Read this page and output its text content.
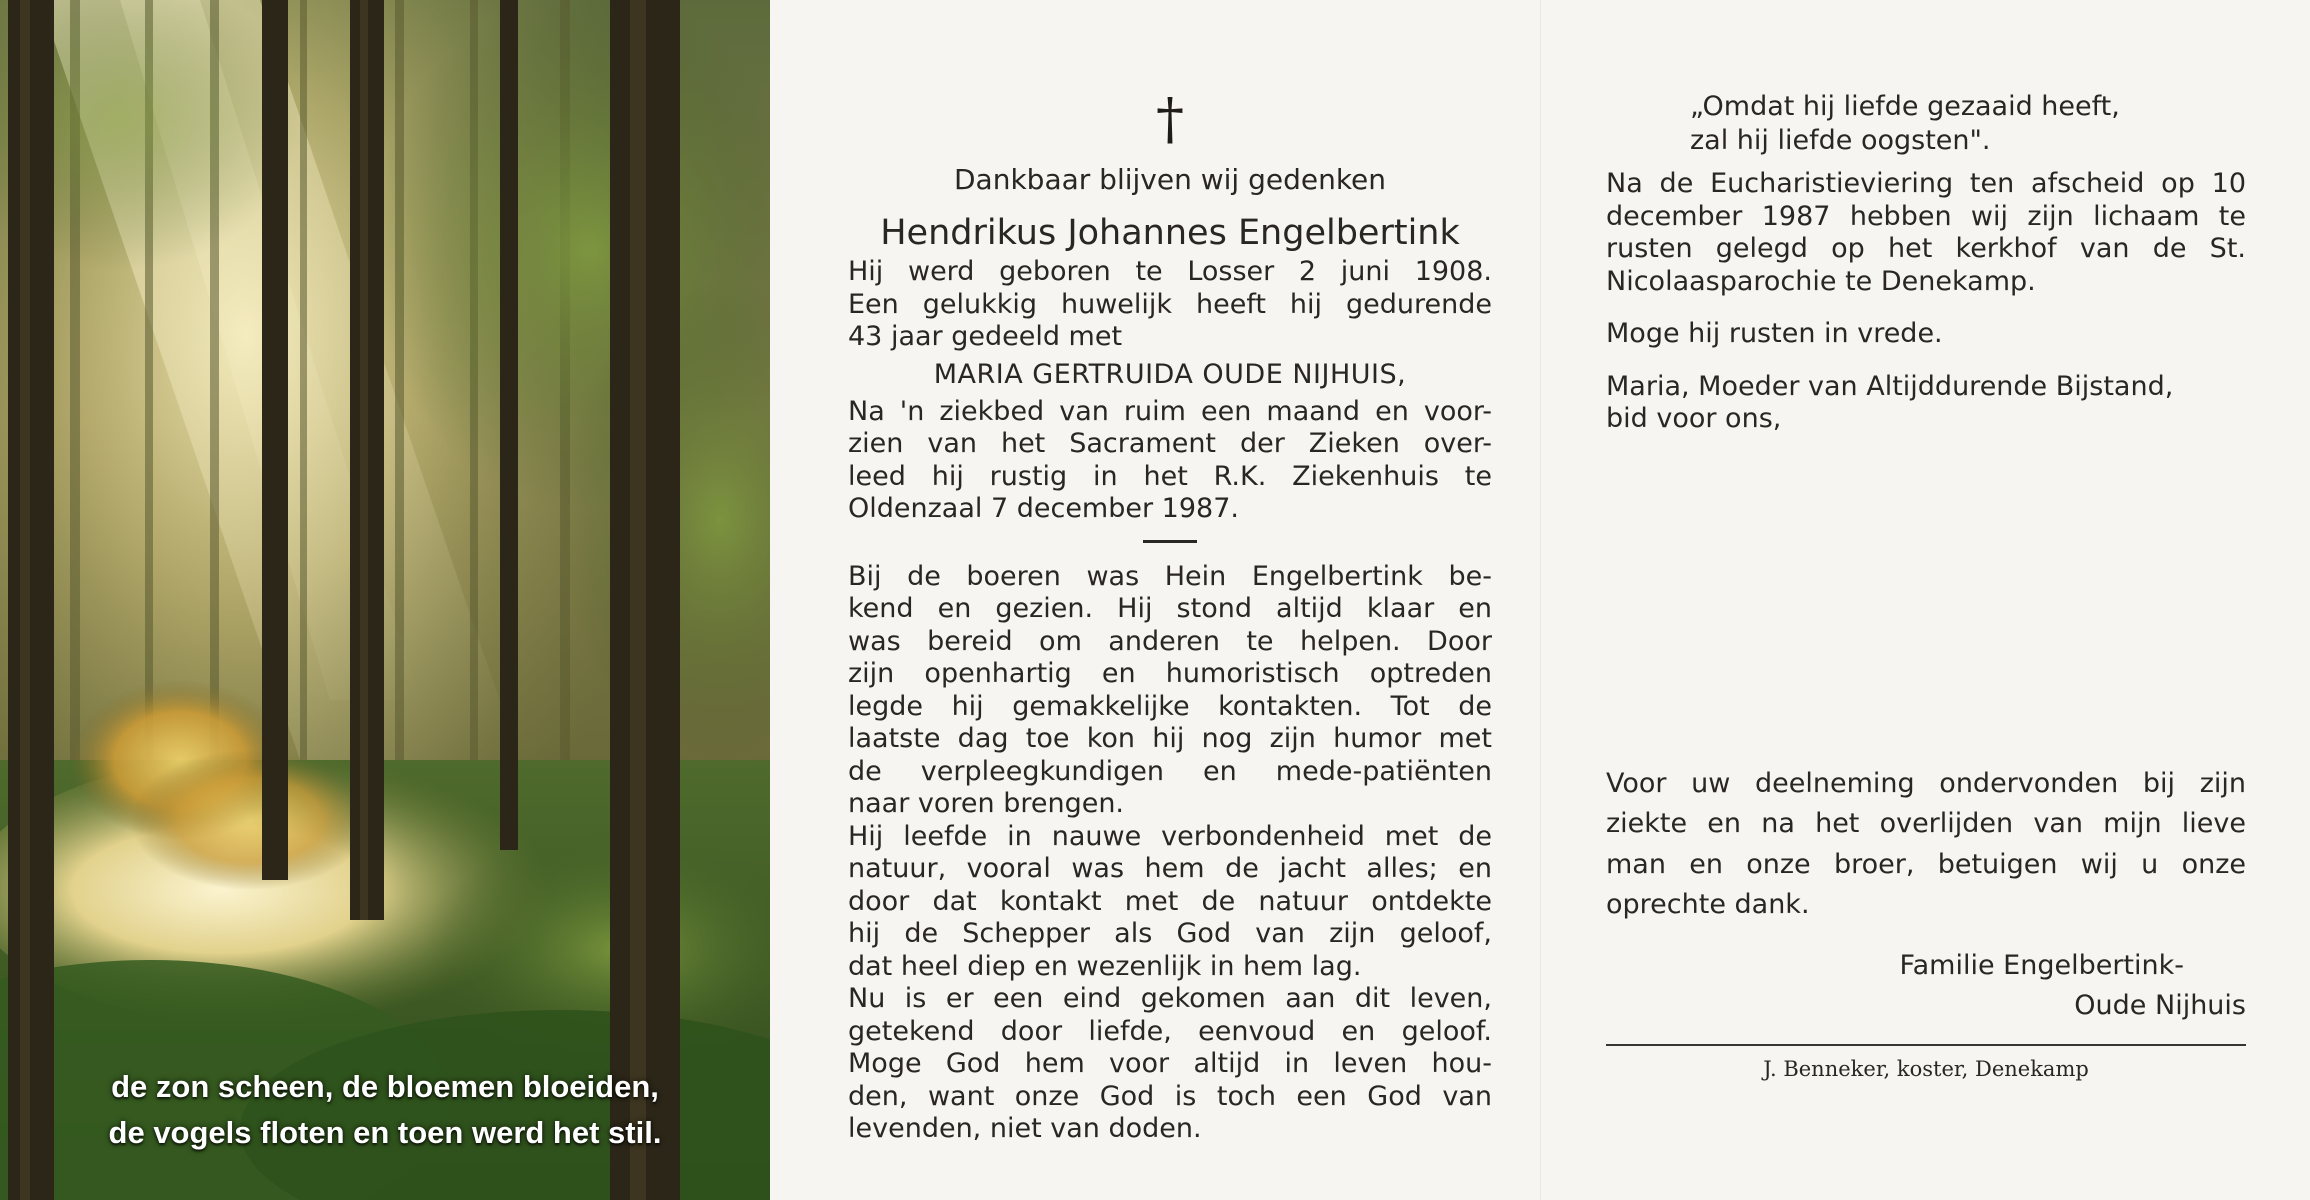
de zon scheen, de bloemen bloeiden,
de vogels floten en toen werd het stil.
†
Dankbaar blijven wij gedenken
Hendrikus Johannes Engelbertink
Hij werd geboren te Losser 2 juni 1908.
Een gelukkig huwelijk heeft hij gedurende
43 jaar gedeeld met
MARIA GERTRUIDA OUDE NIJHUIS,
Na 'n ziekbed van ruim een maand en voor-
zien van het Sacrament der Zieken over-
leed hij rustig in het R.K. Ziekenhuis te
Oldenzaal 7 december 1987.
Bij de boeren was Hein Engelbertink be-
kend en gezien. Hij stond altijd klaar en
was bereid om anderen te helpen. Door
zijn openhartig en humoristisch optreden
legde hij gemakkelijke kontakten. Tot de
laatste dag toe kon hij nog zijn humor met
de verpleegkundigen en mede-patiënten
naar voren brengen.
Hij leefde in nauwe verbondenheid met de
natuur, vooral was hem de jacht alles; en
door dat kontakt met de natuur ontdekte
hij de Schepper als God van zijn geloof,
dat heel diep en wezenlijk in hem lag.
Nu is er een eind gekomen aan dit leven,
getekend door liefde, eenvoud en geloof.
Moge God hem voor altijd in leven hou-
den, want onze God is toch een God van
levenden, niet van doden.
„Omdat hij liefde gezaaid heeft,
zal hij liefde oogsten".
Na de Eucharistieviering ten afscheid op 10
december 1987 hebben wij zijn lichaam te
rusten gelegd op het kerkhof van de St.
Nicolaasparochie te Denekamp.
Moge hij rusten in vrede.
Maria, Moeder van Altijddurende Bijstand,
bid voor ons,
Voor uw deelneming ondervonden bij zijn
ziekte en na het overlijden van mijn lieve
man en onze broer, betuigen wij u onze
oprechte dank.
Familie Engelbertink-
Oude Nijhuis
J. Benneker, koster, Denekamp
